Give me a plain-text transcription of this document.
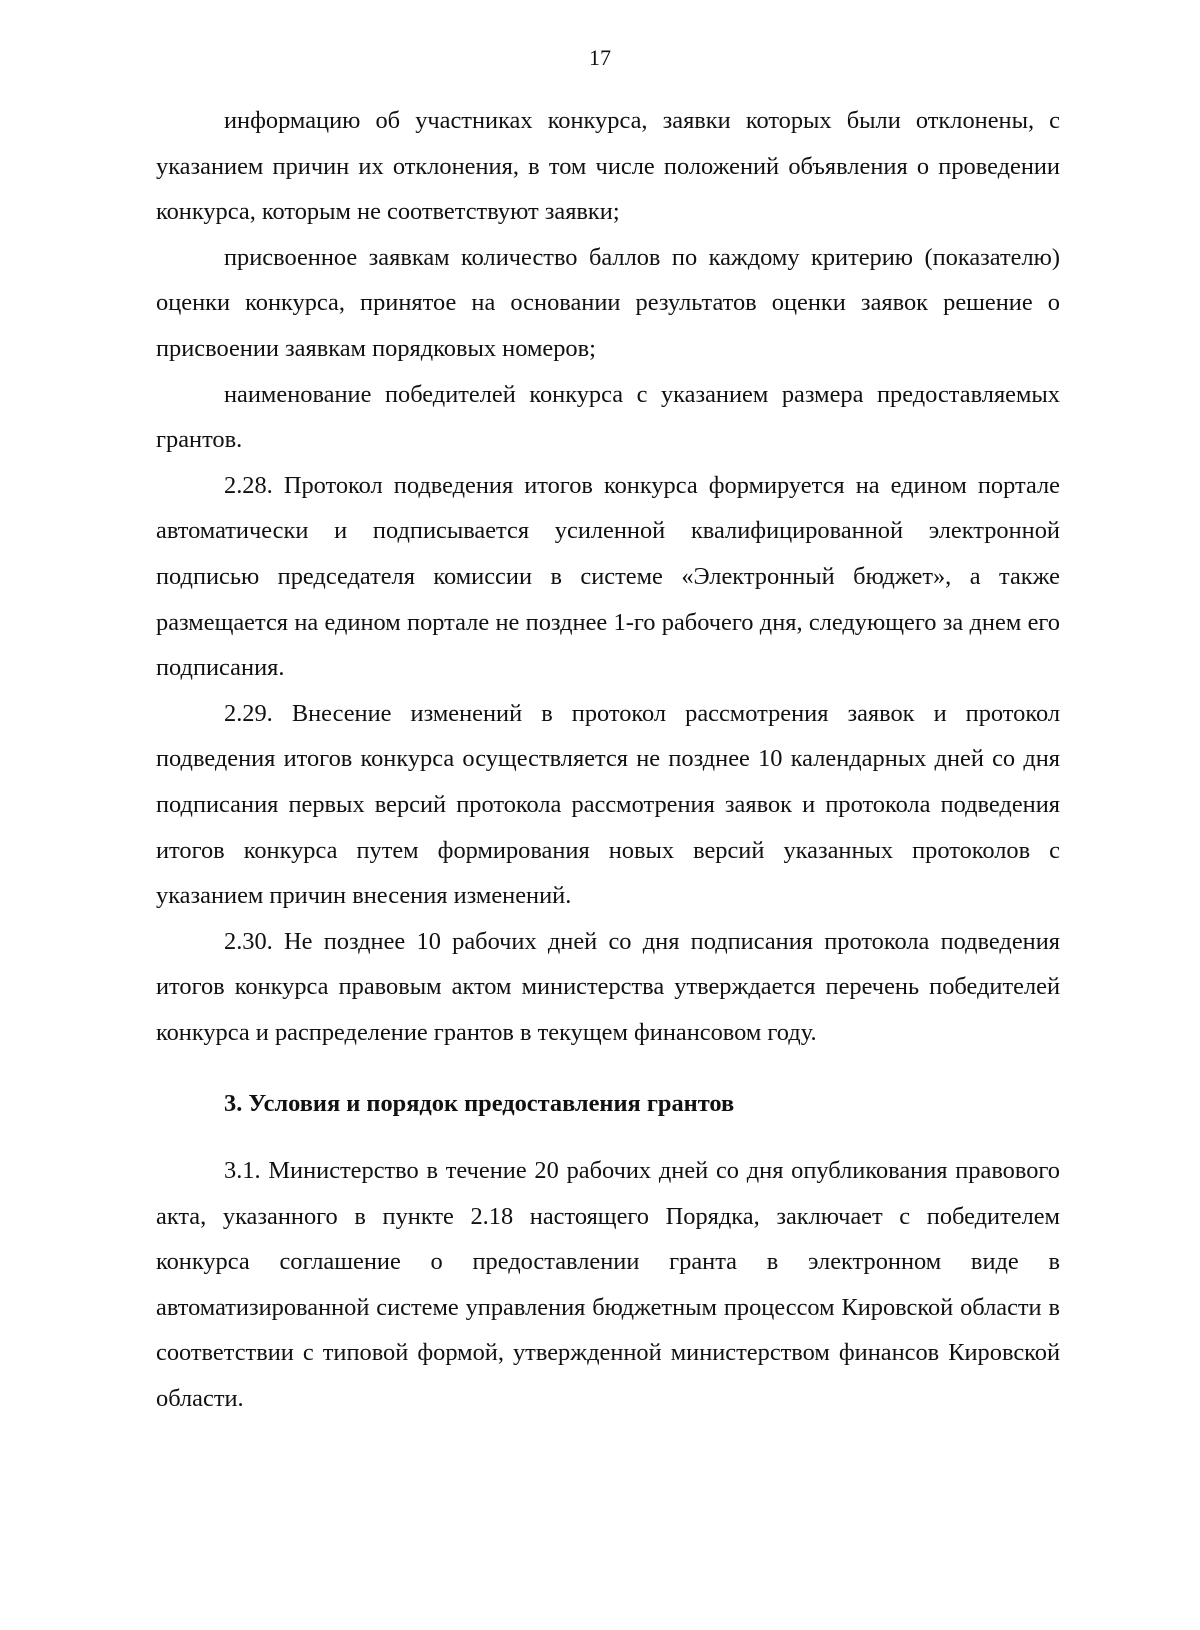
17

информацию об участниках конкурса, заявки которых были отклонены, с указанием причин их отклонения, в том числе положений объявления о проведении конкурса, которым не соответствуют заявки;

присвоенное заявкам количество баллов по каждому критерию (показателю) оценки конкурса, принятое на основании результатов оценки заявок решение о присвоении заявкам порядковых номеров;

наименование победителей конкурса с указанием размера предоставляемых грантов.

2.28. Протокол подведения итогов конкурса формируется на едином портале автоматически и подписывается усиленной квалифицированной электронной подписью председателя комиссии в системе «Электронный бюджет», а также размещается на едином портале не позднее 1-го рабочего дня, следующего за днем его подписания.

2.29. Внесение изменений в протокол рассмотрения заявок и протокол подведения итогов конкурса осуществляется не позднее 10 календарных дней со дня подписания первых версий протокола рассмотрения заявок и протокола подведения итогов конкурса путем формирования новых версий указанных протоколов с указанием причин внесения изменений.

2.30. Не позднее 10 рабочих дней со дня подписания протокола подведения итогов конкурса правовым актом министерства утверждается перечень победителей конкурса и распределение грантов в текущем финансовом году.

3. Условия и порядок предоставления грантов

3.1. Министерство в течение 20 рабочих дней со дня опубликования правового акта, указанного в пункте 2.18 настоящего Порядка, заключает с победителем конкурса соглашение о предоставлении гранта в электронном виде в автоматизированной системе управления бюджетным процессом Кировской области в соответствии с типовой формой, утвержденной министерством финансов Кировской области.
